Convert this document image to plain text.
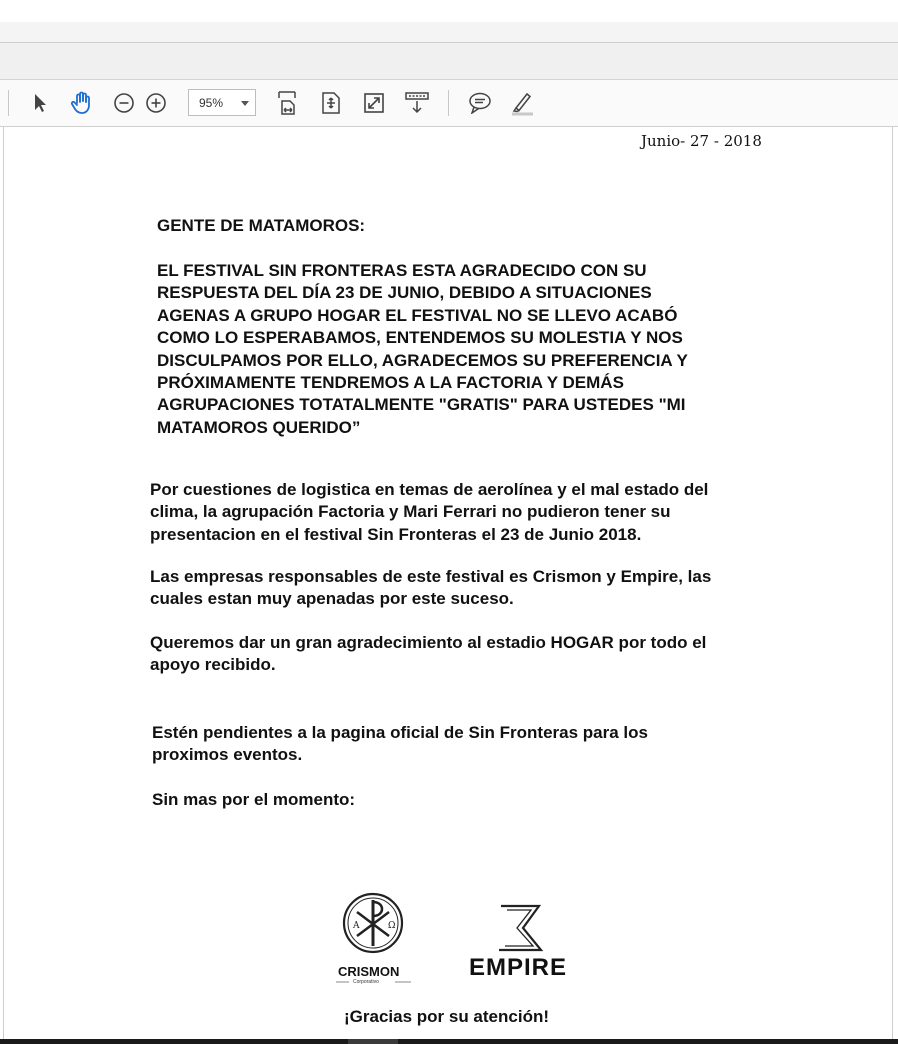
95%
Junio- 27 - 2018
GENTE DE MATAMOROS:
EL FESTIVAL SIN FRONTERAS ESTA AGRADECIDO CON SU
RESPUESTA DEL DÍA 23 DE JUNIO, DEBIDO A SITUACIONES
AGENAS A GRUPO HOGAR EL FESTIVAL NO SE LLEVO ACABÓ
COMO LO ESPERABAMOS, ENTENDEMOS SU MOLESTIA Y NOS
DISCULPAMOS POR ELLO, AGRADECEMOS SU PREFERENCIA Y
PRÓXIMAMENTE TENDREMOS A LA FACTORIA Y DEMÁS
AGRUPACIONES TOTATALMENTE "GRATIS" PARA USTEDES "MI
MATAMOROS QUERIDO”
Por cuestiones de logistica en temas de aerolínea y el mal estado del
clima, la agrupación Factoria y Mari Ferrari no pudieron tener su
presentacion en el festival Sin Fronteras el 23 de Junio 2018.
Las empresas responsables de este festival es Crismon y Empire, las
cuales estan muy apenadas por este suceso.
Queremos dar un gran agradecimiento al estadio HOGAR por todo el
apoyo recibido.
Estén pendientes a la pagina oficial de Sin Fronteras para los
proximos eventos.
Sin mas por el momento:
A	Ω
CRISMON
Corporativo
EMPIRE
¡Gracias por su atención!
